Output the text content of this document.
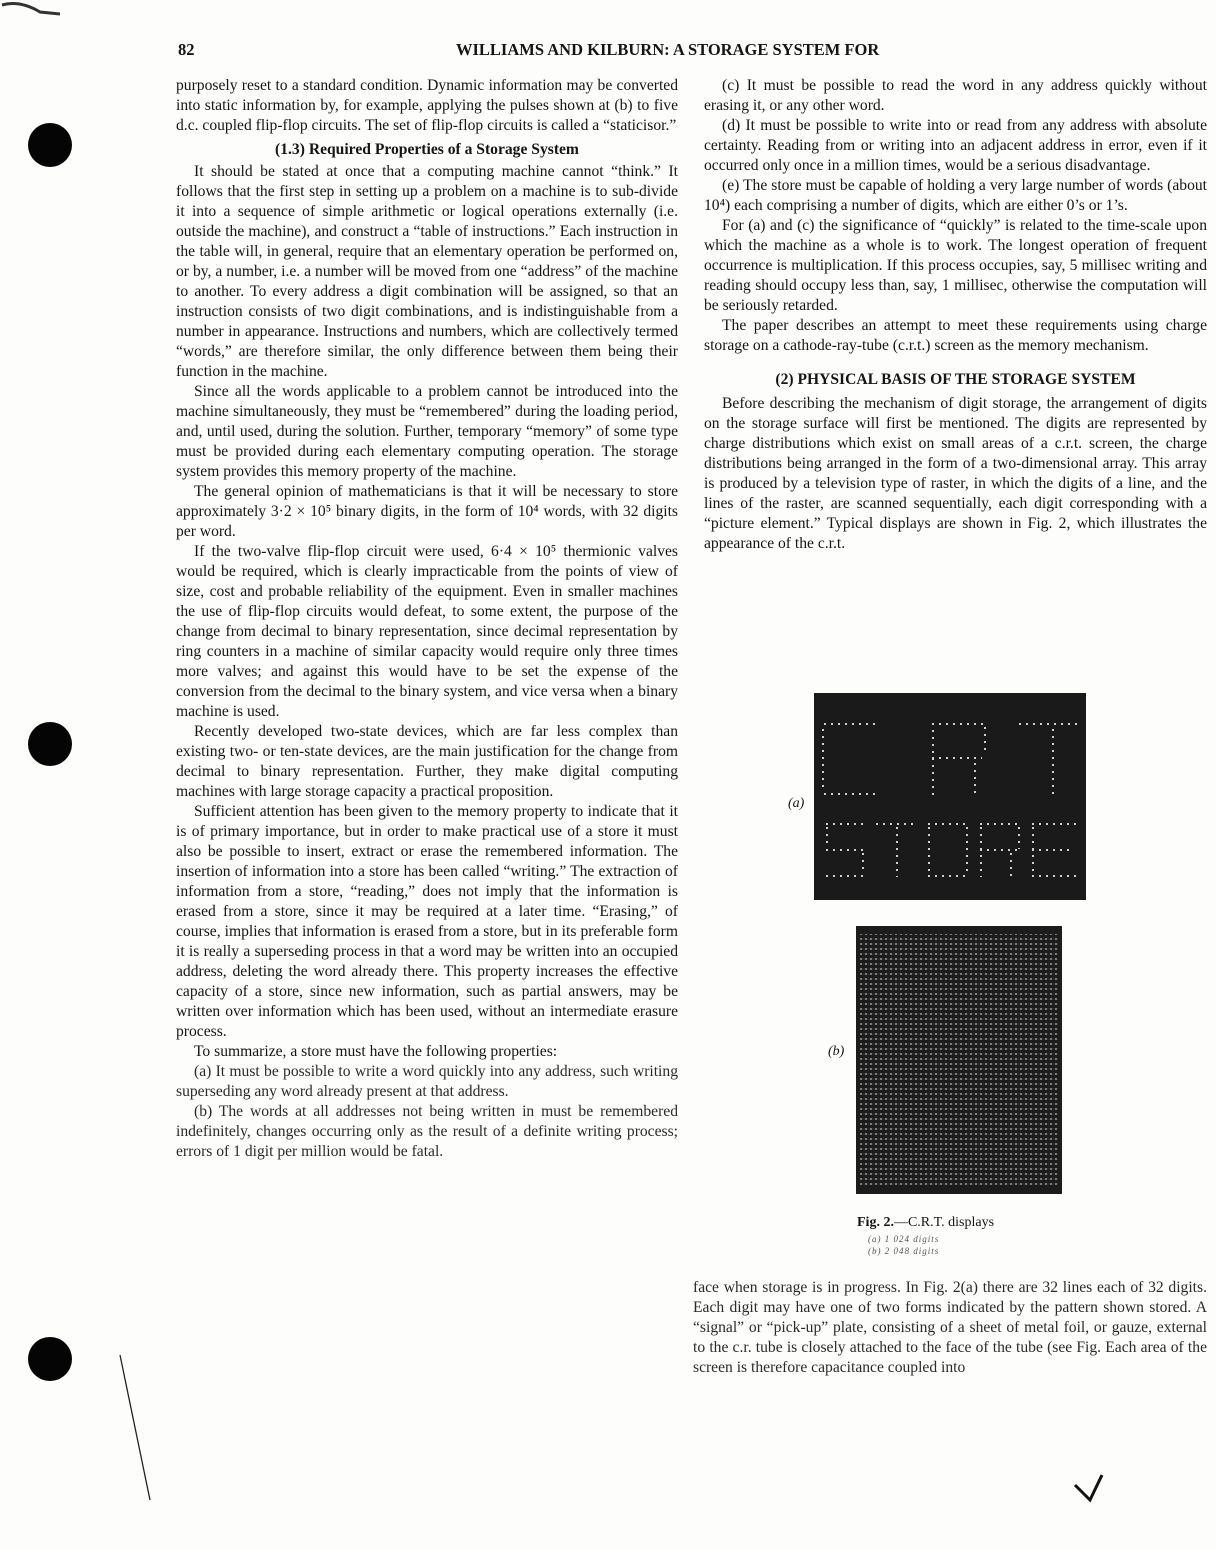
82	WILLIAMS AND KILBURN: A STORAGE SYSTEM FOR

purposely reset to a standard condition. Dynamic information may be converted into static information by, for example, applying the pulses shown at (b) to five d.c. coupled flip-flop circuits. The set of flip-flop circuits is called a “staticisor.”

(1.3) Required Properties of a Storage System

It should be stated at once that a computing machine cannot “think.” It follows that the first step in setting up a problem on a machine is to sub-divide it into a sequence of simple arithmetic or logical operations externally (i.e. outside the machine), and construct a “table of instructions.” Each instruction in the table will, in general, require that an elementary operation be performed on, or by, a number, i.e. a number will be moved from one “address” of the machine to another. To every address a digit combination will be assigned, so that an instruction consists of two digit combinations, and is indistinguishable from a number in appearance. Instructions and numbers, which are collectively termed “words,” are therefore similar, the only difference between them being their function in the machine.

Since all the words applicable to a problem cannot be introduced into the machine simultaneously, they must be “remembered” during the loading period, and, until used, during the solution. Further, temporary “memory” of some type must be provided during each elementary computing operation. The storage system provides this memory property of the machine.

The general opinion of mathematicians is that it will be necessary to store approximately 3·2 × 10⁵ binary digits, in the form of 10⁴ words, with 32 digits per word.

If the two-valve flip-flop circuit were used, 6·4 × 10⁵ thermionic valves would be required, which is clearly impracticable from the points of view of size, cost and probable reliability of the equipment. Even in smaller machines the use of flip-flop circuits would defeat, to some extent, the purpose of the change from decimal to binary representation, since decimal representation by ring counters in a machine of similar capacity would require only three times more valves; and against this would have to be set the expense of the conversion from the decimal to the binary system, and vice versa when a binary machine is used.

Recently developed two-state devices, which are far less complex than existing two- or ten-state devices, are the main justification for the change from decimal to binary representation. Further, they make digital computing machines with large storage capacity a practical proposition.

Sufficient attention has been given to the memory property to indicate that it is of primary importance, but in order to make practical use of a store it must also be possible to insert, extract or erase the remembered information. The insertion of information into a store has been called “writing.” The extraction of information from a store, “reading,” does not imply that the information is erased from a store, since it may be required at a later time. “Erasing,” of course, implies that information is erased from a store, but in its preferable form it is really a superseding process in that a word may be written into an occupied address, deleting the word already there. This property increases the effective capacity of a store, since new information, such as partial answers, may be written over information which has been used, without an intermediate erasure process.

To summarize, a store must have the following properties:

(a) It must be possible to write a word quickly into any address, such writing superseding any word already present at that address.

(b) The words at all addresses not being written in must be remembered indefinitely, changes occurring only as the result of a definite writing process; errors of 1 digit per million would be fatal.

(c) It must be possible to read the word in any address quickly without erasing it, or any other word.

(d) It must be possible to write into or read from any address with absolute certainty. Reading from or writing into an adjacent address in error, even if it occurred only once in a million times, would be a serious disadvantage.

(e) The store must be capable of holding a very large number of words (about 10⁴) each comprising a number of digits, which are either 0’s or 1’s.

For (a) and (c) the significance of “quickly” is related to the time-scale upon which the machine as a whole is to work. The longest operation of frequent occurrence is multiplication. If this process occupies, say, 5 millisec writing and reading should occupy less than, say, 1 millisec, otherwise the computation will be seriously retarded.

The paper describes an attempt to meet these requirements using charge storage on a cathode-ray-tube (c.r.t.) screen as the memory mechanism.

(2) PHYSICAL BASIS OF THE STORAGE SYSTEM

Before describing the mechanism of digit storage, the arrangement of digits on the storage surface will first be mentioned. The digits are represented by charge distributions which exist on small areas of a c.r.t. screen, the charge distributions being arranged in the form of a two-dimensional array. This array is produced by a television type of raster, in which the digits of a line, and the lines of the raster, are scanned sequentially, each digit corresponding with a “picture element.” Typical displays are shown in Fig. 2, which illustrates the appearance of the c.r.t.

(a)
(b)
Fig. 2.—C.R.T. displays
(a) 1 024 digits
(b) 2 048 digits

face when storage is in progress. In Fig. 2(a) there are 32 lines each of 32 digits. Each digit may have one of two forms indicated by the pattern shown stored. A “signal” or “pick-up” plate, consisting of a sheet of metal foil, or gauze, external to the c.r. tube is closely attached to the face of the tube (see Fig. Each area of the screen is therefore capacitance coupled into
